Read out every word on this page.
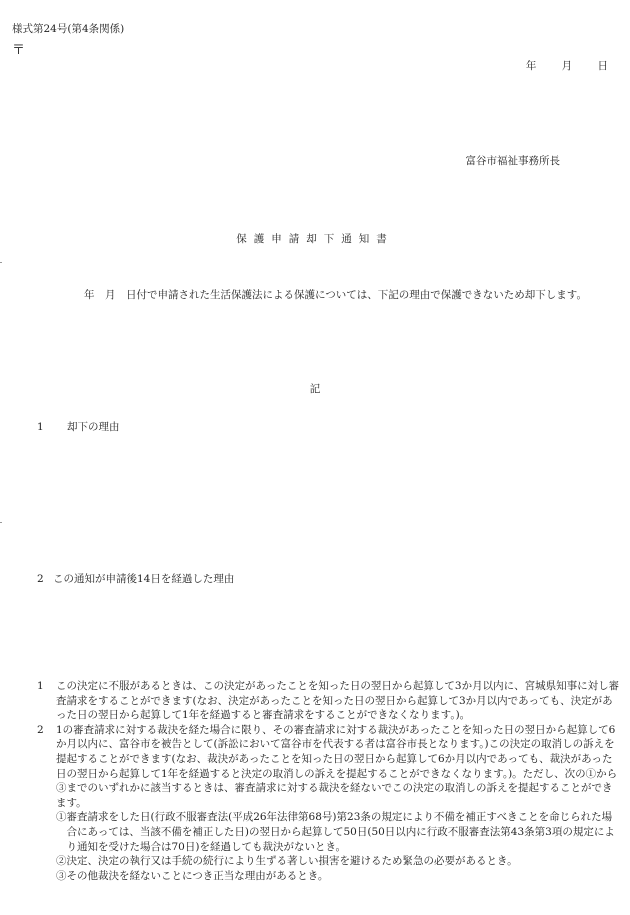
様式第24号(第4条関係)
〒
年 月 日
富谷市福祉事務所長
保護申請却下通知書
年　月　日付で申請された生活保護法による保護については、下記の理由で保護できないため却下します。
記
1 却下の理由
2 この通知が申請後14日を経過した理由
1	この決定に不服があるときは、この決定があったことを知った日の翌日から起算して3か月以内に、宮城県知事に対し審査請求をすることができます(なお、決定があったことを知った日の翌日から起算して3か月以内であっても、決定があった日の翌日から起算して1年を経過すると審査請求をすることができなくなります。)。
2	1の審査請求に対する裁決を経た場合に限り、その審査請求に対する裁決があったことを知った日の翌日から起算して6か月以内に、富谷市を被告として(訴訟において富谷市を代表する者は富谷市長となります。)この決定の取消しの訴えを提起することができます(なお、裁決があったことを知った日の翌日から起算して6か月以内であっても、裁決があった日の翌日から起算して1年を経過すると決定の取消しの訴えを提起することができなくなります。)。ただし、次の①から③までのいずれかに該当するときは、審査請求に対する裁決を経ないでこの決定の取消しの訴えを提起することができます。
①審査請求をした日(行政不服審査法(平成26年法律第68号)第23条の規定により不備を補正すべきことを命じられた場合にあっては、当該不備を補正した日)の翌日から起算して50日(50日以内に行政不服審査法第43条第3項の規定により通知を受けた場合は70日)を経過しても裁決がないとき。
②決定、決定の執行又は手続の続行により生ずる著しい損害を避けるため緊急の必要があるとき。
③その他裁決を経ないことにつき正当な理由があるとき。
